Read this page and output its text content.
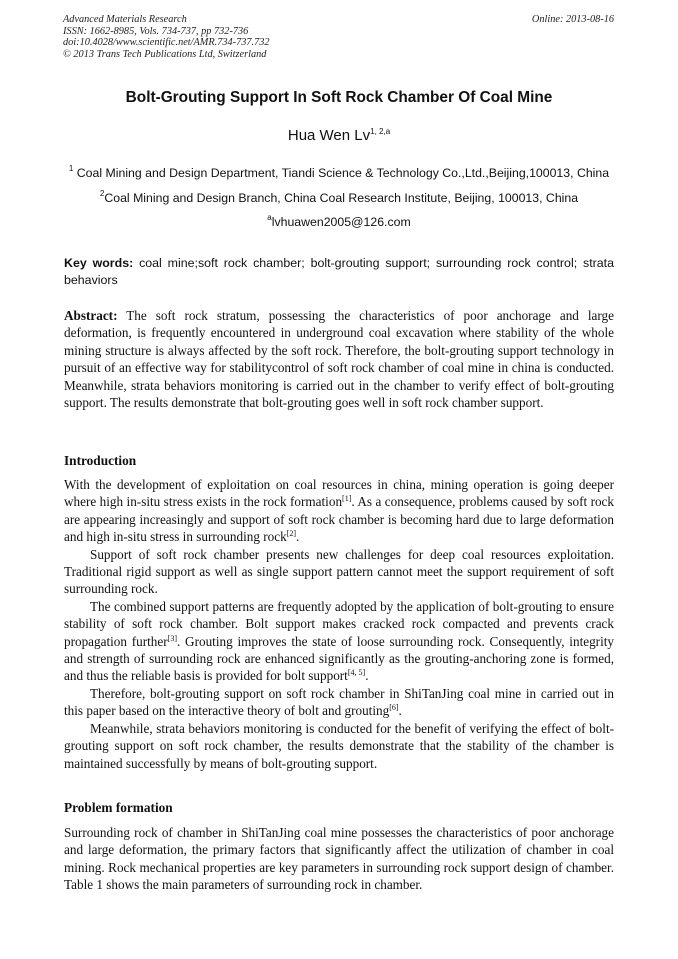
Advanced Materials Research
ISSN: 1662-8985, Vols. 734-737, pp 732-736
doi:10.4028/www.scientific.net/AMR.734-737.732
© 2013 Trans Tech Publications Ltd, Switzerland
Online: 2013-08-16
Bolt-Grouting Support In Soft Rock Chamber Of Coal Mine
Hua Wen Lv$^{1, 2,a}$
$^1$ Coal Mining and Design Department, Tiandi Science & Technology Co.,Ltd.,Beijing,100013, China
$^2$Coal Mining and Design Branch, China Coal Research Institute, Beijing, 100013, China
$^a$lvhuawen2005@126.com
Key words: coal mine;soft rock chamber; bolt-grouting support; surrounding rock control; strata behaviors
Abstract: The soft rock stratum, possessing the characteristics of poor anchorage and large deformation, is frequently encountered in underground coal excavation where stability of the whole mining structure is always affected by the soft rock. Therefore, the bolt-grouting support technology in pursuit of an effective way for stabilitycontrol of soft rock chamber of coal mine in china is conducted. Meanwhile, strata behaviors monitoring is carried out in the chamber to verify effect of bolt-grouting support. The results demonstrate that bolt-grouting goes well in soft rock chamber support.
Introduction

With the development of exploitation on coal resources in china, mining operation is going deeper where high in-situ stress exists in the rock formation[1]. As a consequence, problems caused by soft rock are appearing increasingly and support of soft rock chamber is becoming hard due to large deformation and high in-situ stress in surrounding rock[2].

Support of soft rock chamber presents new challenges for deep coal resources exploitation. Traditional rigid support as well as single support pattern cannot meet the support requirement of soft surrounding rock.

The combined support patterns are frequently adopted by the application of bolt-grouting to ensure stability of soft rock chamber. Bolt support makes cracked rock compacted and prevents crack propagation further[3]. Grouting improves the state of loose surrounding rock. Consequently, integrity and strength of surrounding rock are enhanced significantly as the grouting-anchoring zone is formed, and thus the reliable basis is provided for bolt support[4, 5].

Therefore, bolt-grouting support on soft rock chamber in ShiTanJing coal mine in carried out in this paper based on the interactive theory of bolt and grouting[6].

Meanwhile, strata behaviors monitoring is conducted for the benefit of verifying the effect of bolt-grouting support on soft rock chamber, the results demonstrate that the stability of the chamber is maintained successfully by means of bolt-grouting support.

Problem formation

Surrounding rock of chamber in ShiTanJing coal mine possesses the characteristics of poor anchorage and large deformation, the primary factors that significantly affect the utilization of chamber in coal mining. Rock mechanical properties are key parameters in surrounding rock support design of chamber. Table 1 shows the main parameters of surrounding rock in chamber.
